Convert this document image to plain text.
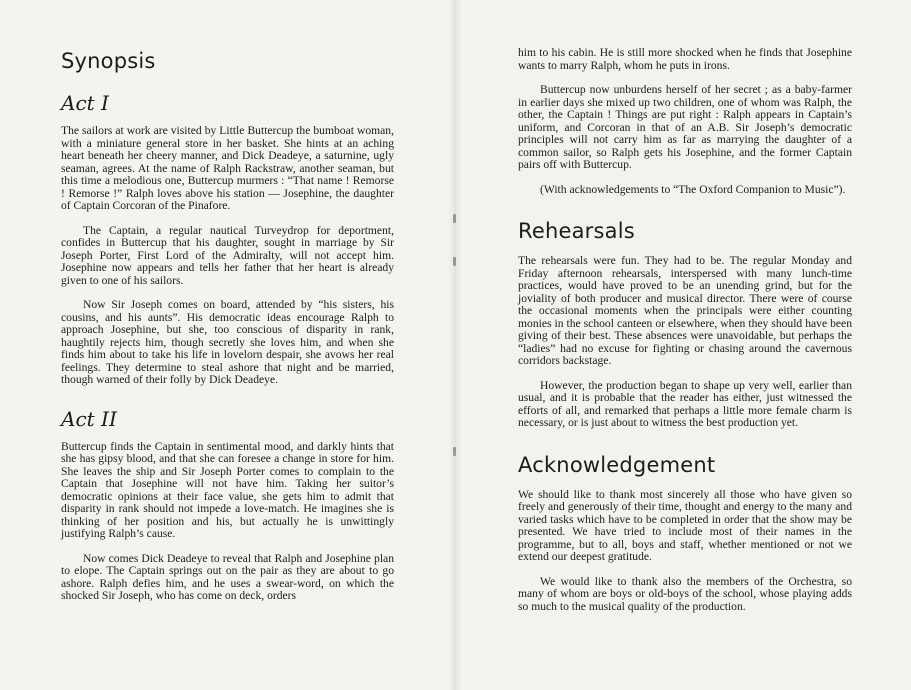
Synopsis
Act I

The sailors at work are visited by Little Buttercup the bumboat woman, with a miniature general store in her basket. She hints at an aching heart beneath her cheery manner, and Dick Deadeye, a saturnine, ugly seaman, agrees. At the name of Ralph Rackstraw, another seaman, but this time a melodious one, Buttercup murmers : “That name ! Remorse ! Remorse !” Ralph loves above his station — Josephine, the daughter of Captain Corcoran of the Pinafore.

The Captain, a regular nautical Turveydrop for deportment, confides in Buttercup that his daughter, sought in marriage by Sir Joseph Porter, First Lord of the Admiralty, will not accept him. Josephine now appears and tells her father that her heart is already given to one of his sailors.

Now Sir Joseph comes on board, attended by “his sisters, his cousins, and his aunts”. His democratic ideas encourage Ralph to approach Josephine, but she, too conscious of disparity in rank, haughtily rejects him, though secretly she loves him, and when she finds him about to take his life in lovelorn despair, she avows her real feelings. They determine to steal ashore that night and be married, though warned of their folly by Dick Deadeye.

Act II

Buttercup finds the Captain in sentimental mood, and darkly hints that she has gipsy blood, and that she can foresee a change in store for him. She leaves the ship and Sir Joseph Porter comes to complain to the Captain that Josephine will not have him. Taking her suitor’s democratic opinions at their face value, she gets him to admit that disparity in rank should not impede a love-match. He imagines she is thinking of her position and his, but actually he is unwittingly justifying Ralph’s cause.

Now comes Dick Deadeye to reveal that Ralph and Josephine plan to elope. The Captain springs out on the pair as they are about to go ashore. Ralph defies him, and he uses a swear-word, on which the shocked Sir Joseph, who has come on deck, orders

him to his cabin. He is still more shocked when he finds that Josephine wants to marry Ralph, whom he puts in irons.

Buttercup now unburdens herself of her secret ; as a baby-farmer in earlier days she mixed up two children, one of whom was Ralph, the other, the Captain ! Things are put right : Ralph appears in Captain’s uniform, and Corcoran in that of an A.B. Sir Joseph’s democratic principles will not carry him as far as marrying the daughter of a common sailor, so Ralph gets his Josephine, and the former Captain pairs off with Buttercup.

(With acknowledgements to “The Oxford Companion to Music”).

Rehearsals

The rehearsals were fun. They had to be. The regular Monday and Friday afternoon rehearsals, interspersed with many lunch-time practices, would have proved to be an unending grind, but for the joviality of both producer and musical director. There were of course the occasional moments when the principals were either counting monies in the school canteen or elsewhere, when they should have been giving of their best. These absences were unavoidable, but perhaps the “ladies” had no excuse for fighting or chasing around the cavernous corridors backstage.

However, the production began to shape up very well, earlier than usual, and it is probable that the reader has either, just witnessed the efforts of all, and remarked that perhaps a little more female charm is necessary, or is just about to witness the best production yet.

Acknowledgement

We should like to thank most sincerely all those who have given so freely and generously of their time, thought and energy to the many and varied tasks which have to be completed in order that the show may be presented. We have tried to include most of their names in the programme, but to all, boys and staff, whether mentioned or not we extend our deepest gratitude.

We would like to thank also the members of the Orchestra, so many of whom are boys or old-boys of the school, whose playing adds so much to the musical quality of the production.
